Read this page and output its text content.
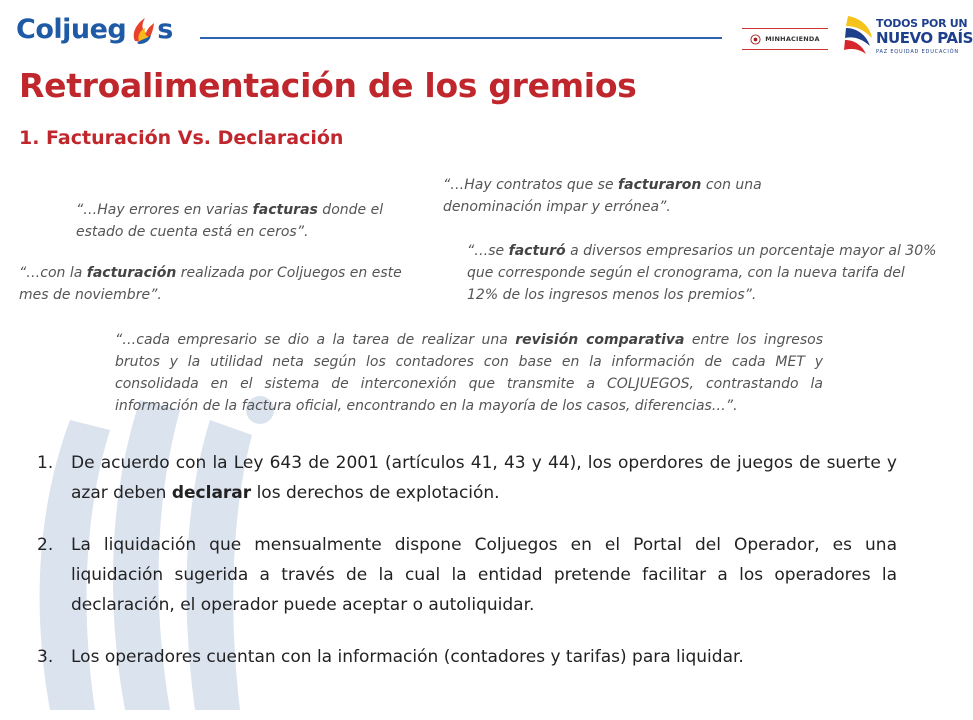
Coljueg s	MINHACIENDA
TODOS POR UN
NUEVO PAÍS
PAZ EQUIDAD EDUCACIÓN
Retroalimentación de los gremios
1. Facturación Vs. Declaración

“…Hay errores en varias facturas donde el estado de cuenta está en ceros”.

“…con la facturación realizada por Coljuegos en este mes de noviembre”.

“…Hay contratos que se facturaron con una denominación impar y errónea”.

“…se facturó a diversos empresarios un porcentaje mayor al 30% que corresponde según el cronograma, con la nueva tarifa del 12% de los ingresos menos los premios”.

“…cada empresario se dio a la tarea de realizar una revisión comparativa entre los ingresos brutos y la utilidad neta según los contadores con base en la información de cada MET y consolidada en el sistema de interconexión que transmite a COLJUEGOS, contrastando la información de la factura oficial, encontrando en la mayoría de los casos, diferencias…”.

1.	De acuerdo con la Ley 643 de 2001 (artículos 41, 43 y 44), los operdores de juegos de suerte y azar deben declarar los derechos de explotación.
2.	La liquidación que mensualmente dispone Coljuegos en el Portal del Operador, es una liquidación sugerida a través de la cual la entidad pretende facilitar a los operadores la declaración, el operador puede aceptar o autoliquidar.
3.	Los operadores cuentan con la información (contadores y tarifas) para liquidar.
